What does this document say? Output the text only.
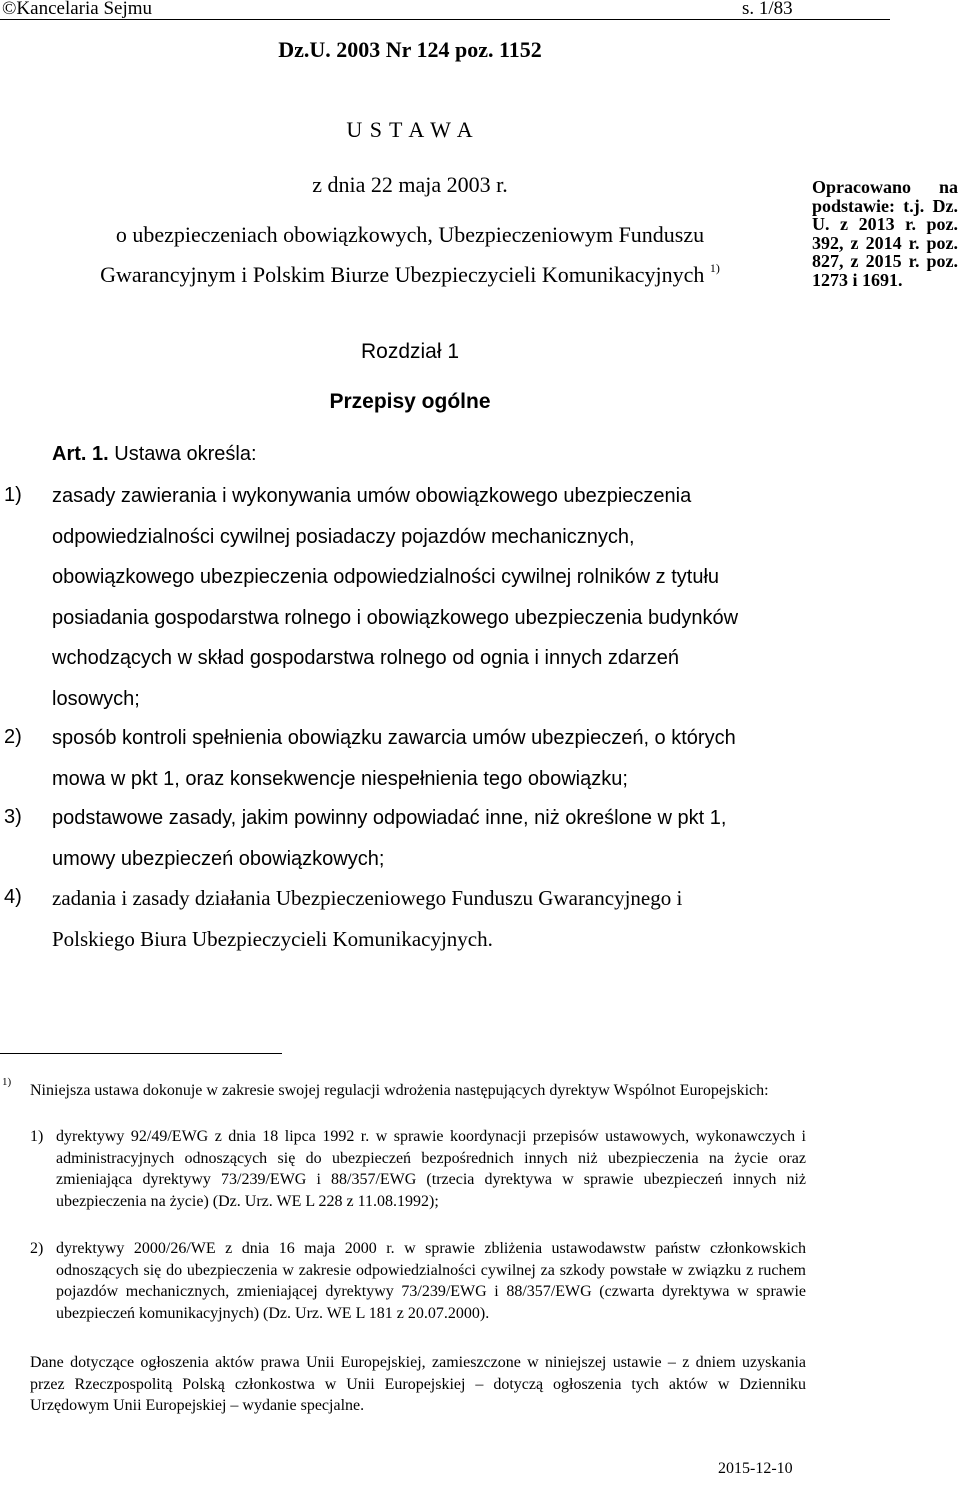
©Kancelaria Sejmu	s. 1/83
Dz.U. 2003 Nr 124 poz. 1152
U S T A W A
z dnia 22 maja 2003 r.
o ubezpieczeniach obowiązkowych, Ubezpieczeniowym Funduszu
Gwarancyjnym i Polskim Biurze Ubezpieczycieli Komunikacyjnych $^{1)}$
Rozdział 1
Przepisy ogólne
Opracowano na podstawie: t.j. Dz. U. z 2013 r. poz. 392, z 2014 r. poz. 827, z 2015 r. poz. 1273 i 1691.
Art. 1. Ustawa określa:
1) zasady zawierania i wykonywania umów obowiązkowego ubezpieczenia
odpowiedzialności cywilnej posiadaczy pojazdów mechanicznych,
obowiązkowego ubezpieczenia odpowiedzialności cywilnej rolników z tytułu
posiadania gospodarstwa rolnego i obowiązkowego ubezpieczenia budynków
wchodzących w skład gospodarstwa rolnego od ognia i innych zdarzeń
losowych;
2) sposób kontroli spełnienia obowiązku zawarcia umów ubezpieczeń, o których
mowa w pkt 1, oraz konsekwencje niespełnienia tego obowiązku;
3) podstawowe zasady, jakim powinny odpowiadać inne, niż określone w pkt 1,
umowy ubezpieczeń obowiązkowych;
4) zadania i zasady działania Ubezpieczeniowego Funduszu Gwarancyjnego i
Polskiego Biura Ubezpieczycieli Komunikacyjnych.
1) Niniejsza ustawa dokonuje w zakresie swojej regulacji wdrożenia następujących dyrektyw Wspólnot Europejskich:
1) dyrektywy 92/49/EWG z dnia 18 lipca 1992 r. w sprawie koordynacji przepisów ustawowych, wykonawczych i administracyjnych odnoszących się do ubezpieczeń bezpośrednich innych niż ubezpieczenia na życie oraz zmieniająca dyrektywy 73/239/EWG i 88/357/EWG (trzecia dyrektywa w sprawie ubezpieczeń innych niż ubezpieczenia na życie) (Dz. Urz. WE L 228 z 11.08.1992);
2) dyrektywy 2000/26/WE z dnia 16 maja 2000 r. w sprawie zbliżenia ustawodawstw państw członkowskich odnoszących się do ubezpieczenia w zakresie odpowiedzialności cywilnej za szkody powstałe w związku z ruchem pojazdów mechanicznych, zmieniającej dyrektywy 73/239/EWG i 88/357/EWG (czwarta dyrektywa w sprawie ubezpieczeń komunikacyjnych) (Dz. Urz. WE L 181 z 20.07.2000).
Dane dotyczące ogłoszenia aktów prawa Unii Europejskiej, zamieszczone w niniejszej ustawie – z dniem uzyskania przez Rzeczpospolitą Polską członkostwa w Unii Europejskiej – dotyczą ogłoszenia tych aktów w Dzienniku Urzędowym Unii Europejskiej – wydanie specjalne.
2015-12-10
